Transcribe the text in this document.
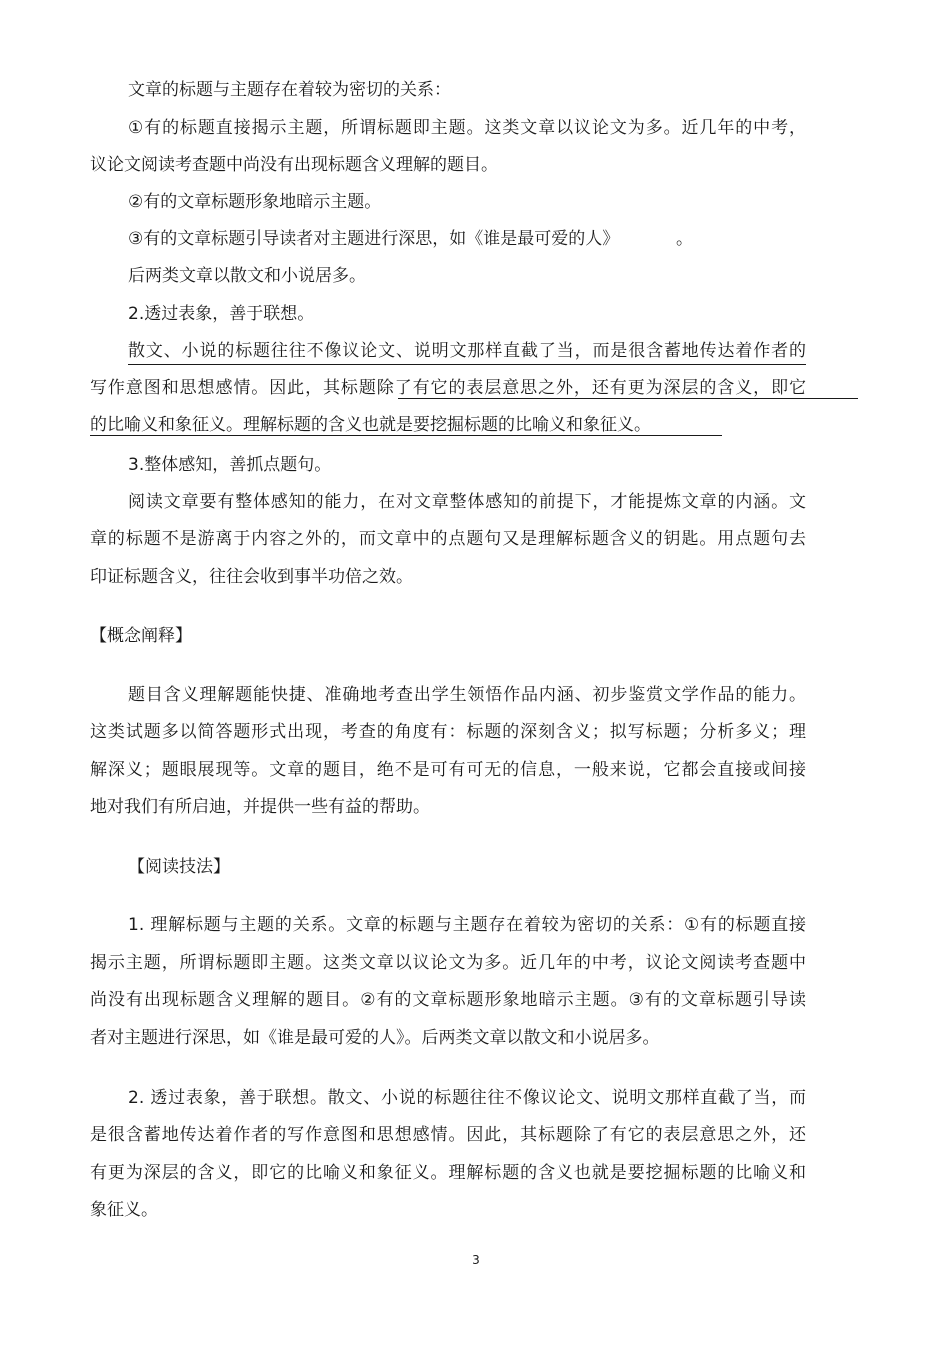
文章的标题与主题存在着较为密切的关系：
①有的标题直接揭示主题，所谓标题即主题。这类文章以议论文为多。近几年的中考，
议论文阅读考查题中尚没有出现标题含义理解的题目。
②有的文章标题形象地暗示主题。
③有的文章标题引导读者对主题进行深思，如《谁是最可爱的人》	。
后两类文章以散文和小说居多。
2.透过表象，善于联想。
散文、小说的标题往往不像议论文、说明文那样直截了当，而是很含蓄地传达着作者的
写作意图和思想感情。因此，其标题除了有它的表层意思之外，还有更为深层的含义，即它
的比喻义和象征义。理解标题的含义也就是要挖掘标题的比喻义和象征义。
3.整体感知，善抓点题句。
阅读文章要有整体感知的能力，在对文章整体感知的前提下，才能提炼文章的内涵。文
章的标题不是游离于内容之外的，而文章中的点题句又是理解标题含义的钥匙。用点题句去
印证标题含义，往往会收到事半功倍之效。
【概念阐释】
题目含义理解题能快捷、准确地考查出学生领悟作品内涵、初步鉴赏文学作品的能力。
这类试题多以简答题形式出现，考查的角度有：标题的深刻含义；拟写标题；分析多义；理
解深义；题眼展现等。文章的题目，绝不是可有可无的信息，一般来说，它都会直接或间接
地对我们有所启迪，并提供一些有益的帮助。
【阅读技法】
1. 理解标题与主题的关系。文章的标题与主题存在着较为密切的关系：①有的标题直接
揭示主题，所谓标题即主题。这类文章以议论文为多。近几年的中考，议论文阅读考查题中
尚没有出现标题含义理解的题目。②有的文章标题形象地暗示主题。③有的文章标题引导读
者对主题进行深思，如《谁是最可爱的人》。后两类文章以散文和小说居多。
2. 透过表象，善于联想。散文、小说的标题往往不像议论文、说明文那样直截了当，而
是很含蓄地传达着作者的写作意图和思想感情。因此，其标题除了有它的表层意思之外，还
有更为深层的含义，即它的比喻义和象征义。理解标题的含义也就是要挖掘标题的比喻义和
象征义。
3
